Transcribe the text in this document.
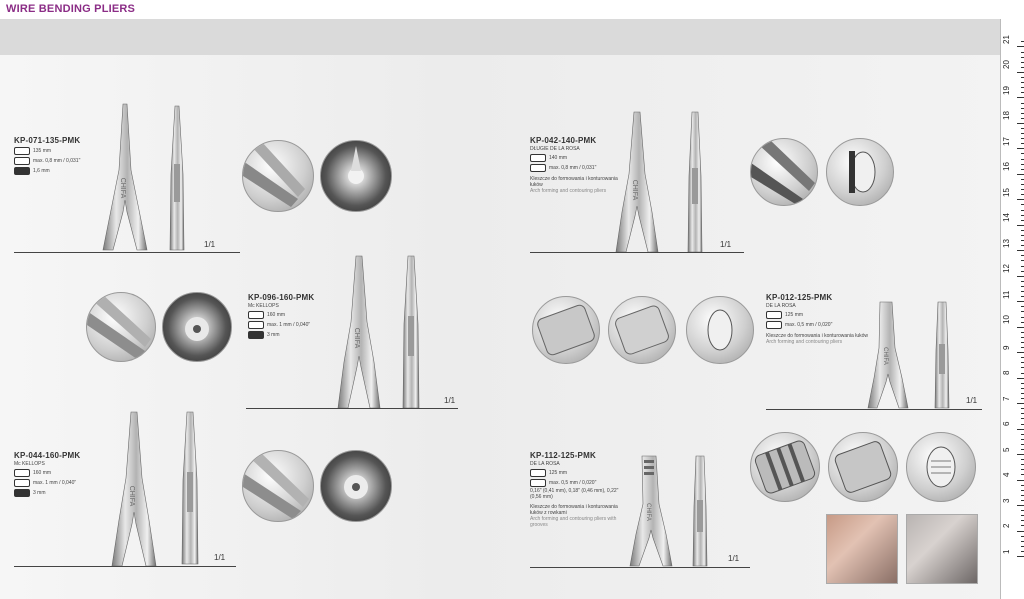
WIRE BENDING PLIERS
1
2
3
4
5
6
7
8
9
10
11
12
13
14
15
16
17
18
19
20
21
KP-071-135-PMK
135 mm
max. 0,8 mm / 0,031"
1,6 mm
CHIFA
1/1
KP-096-160-PMK
Mc KELLOPS
160 mm
max. 1 mm / 0,040"
3 mm	CHIFA
1/1
KP-044-160-PMK
Mc KELLOPS
160 mm
max. 1 mm / 0,040"
3 mm	CHIFA
1/1
KP-042-140-PMK
DŁUGIE DE LA ROSA
140 mm
max. 0,8 mm / 0,031"
Kleszcze do formowania i konturowania łuków
Arch forming and contouring pliers	CHIFA
1/1
KP-012-125-PMK
DE LA ROSA
125 mm
max. 0,5 mm / 0,020"
Kleszcze do formowania i konturowania łuków
Arch forming and contouring pliers
CHIFA
1/1
KP-112-125-PMK
DE LA ROSA
125 mm
max. 0,5 mm / 0,020"
0,16" (0,41 mm), 0,18" (0,46 mm), 0,22" (0,56 mm)
Kleszcze do formowania i konturowania łuków z rowkami
Arch forming and contouring pliers with grooves
CHIFA
1/1
